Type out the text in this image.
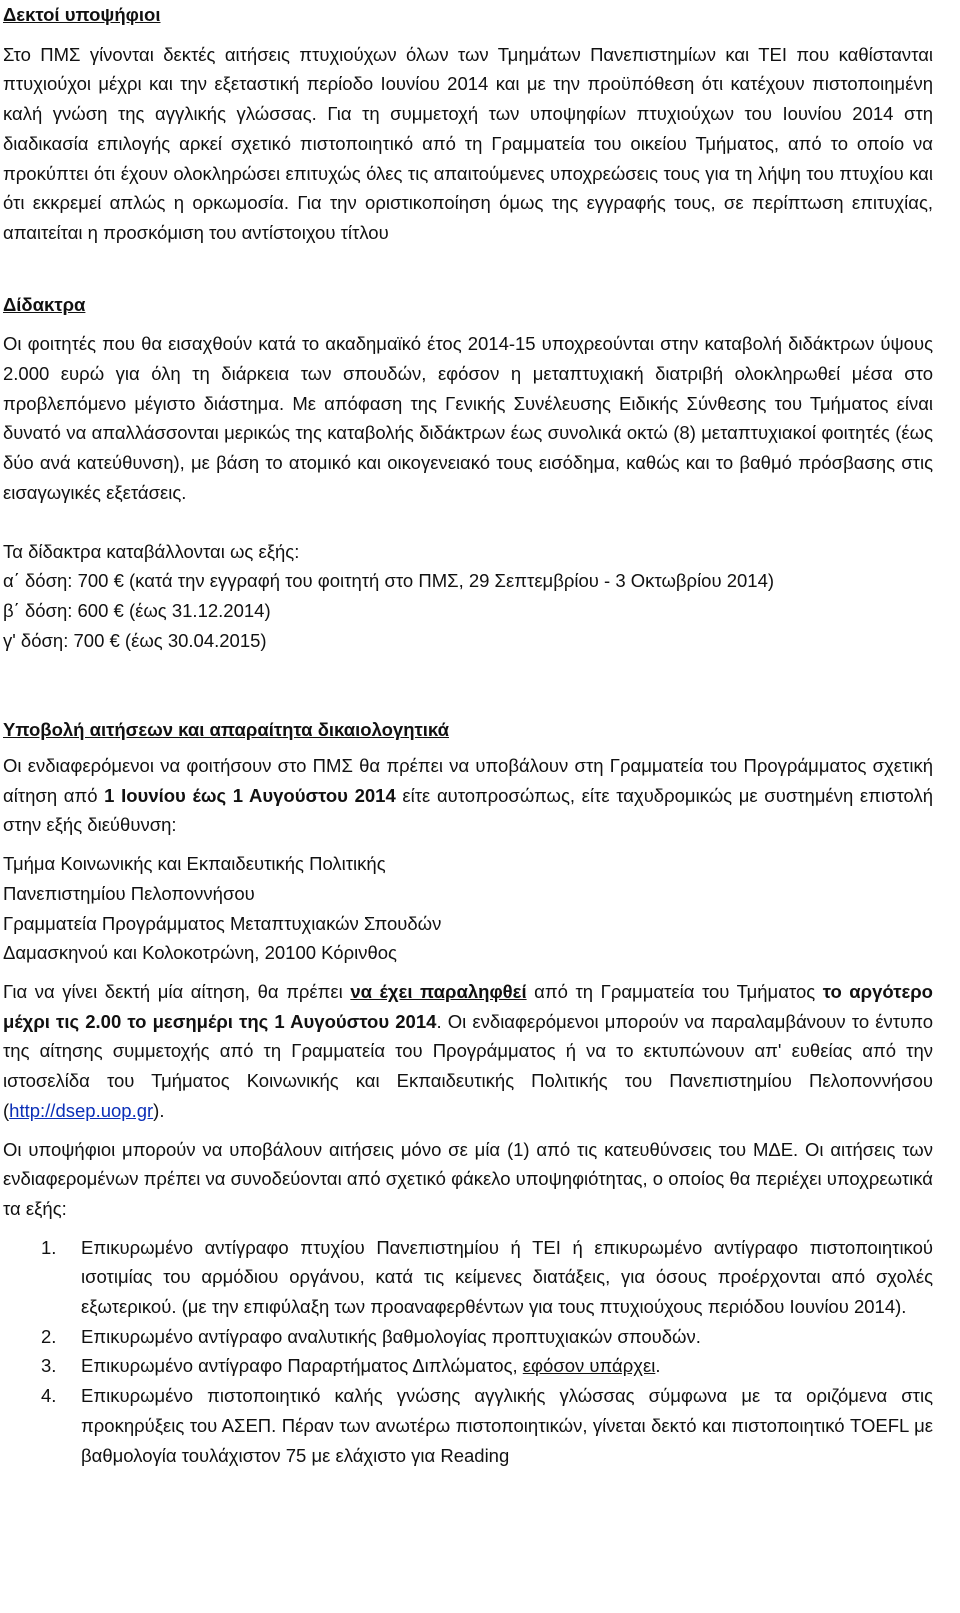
Δεκτοί υποψήφιοι

Στο ΠΜΣ γίνονται δεκτές αιτήσεις πτυχιούχων όλων των Τμημάτων Πανεπιστημίων και ΤΕΙ που καθίστανται πτυχιούχοι μέχρι και την εξεταστική περίοδο Ιουνίου 2014 και με την προϋπόθεση ότι κατέχουν πιστοποιημένη καλή γνώση της αγγλικής γλώσσας. Για τη συμμετοχή των υποψηφίων πτυχιούχων του Ιουνίου 2014 στη διαδικασία επιλογής αρκεί σχετικό πιστοποιητικό από τη Γραμματεία του οικείου Τμήματος, από το οποίο να προκύπτει ότι έχουν ολοκληρώσει επιτυχώς όλες τις απαιτούμενες υποχρεώσεις τους για τη λήψη του πτυχίου και ότι εκκρεμεί απλώς η ορκωμοσία. Για την οριστικοποίηση όμως της εγγραφής τους, σε περίπτωση επιτυχίας, απαιτείται η προσκόμιση του αντίστοιχου τίτλου

Δίδακτρα

Οι φοιτητές που θα εισαχθούν κατά το ακαδημαϊκό έτος 2014-15 υποχρεούνται στην καταβολή διδάκτρων ύψους 2.000 ευρώ για όλη τη διάρκεια των σπουδών, εφόσον η μεταπτυχιακή διατριβή ολοκληρωθεί μέσα στο προβλεπόμενο μέγιστο διάστημα. Με απόφαση της Γενικής Συνέλευσης Ειδικής Σύνθεσης του Τμήματος είναι δυνατό να απαλλάσσονται μερικώς της καταβολής διδάκτρων έως συνολικά οκτώ (8) μεταπτυχιακοί φοιτητές (έως δύο ανά κατεύθυνση), με βάση το ατομικό και οικογενειακό τους εισόδημα, καθώς και το βαθμό πρόσβασης στις εισαγωγικές εξετάσεις.

Τα δίδακτρα καταβάλλονται ως εξής:

α΄ δόση: 700 € (κατά την εγγραφή του φοιτητή στο ΠΜΣ, 29 Σεπτεμβρίου - 3 Οκτωβρίου 2014)
β΄ δόση: 600 € (έως 31.12.2014)
γ' δόση: 700 € (έως 30.04.2015)

Υποβολή αιτήσεων και απαραίτητα δικαιολογητικά

Οι ενδιαφερόμενοι να φοιτήσουν στο ΠΜΣ θα πρέπει να υποβάλουν στη Γραμματεία του Προγράμματος σχετική αίτηση από 1 Ιουνίου έως 1 Αυγούστου 2014 είτε αυτοπροσώπως, είτε ταχυδρομικώς με συστημένη επιστολή στην εξής διεύθυνση:

Τμήμα Κοινωνικής και Εκπαιδευτικής Πολιτικής
Πανεπιστημίου Πελοποννήσου
Γραμματεία Προγράμματος Μεταπτυχιακών Σπουδών
Δαμασκηνού και Κολοκοτρώνη, 20100 Κόρινθος

Για να γίνει δεκτή μία αίτηση, θα πρέπει να έχει παραληφθεί από τη Γραμματεία του Τμήματος το αργότερο μέχρι τις 2.00 το μεσημέρι της 1 Αυγούστου 2014. Οι ενδιαφερόμενοι μπορούν να παραλαμβάνουν το έντυπο της αίτησης συμμετοχής από τη Γραμματεία του Προγράμματος ή να το εκτυπώνουν απ' ευθείας από την ιστοσελίδα του Τμήματος Κοινωνικής και Εκπαιδευτικής Πολιτικής του Πανεπιστημίου Πελοποννήσου (http://dsep.uop.gr).

Οι υποψήφιοι μπορούν να υποβάλουν αιτήσεις μόνο σε μία (1) από τις κατευθύνσεις του ΜΔΕ. Οι αιτήσεις των ενδιαφερομένων πρέπει να συνοδεύονται από σχετικό φάκελο υποψηφιότητας, ο οποίος θα περιέχει υποχρεωτικά τα εξής:

1. Επικυρωμένο αντίγραφο πτυχίου Πανεπιστημίου ή ΤΕΙ ή επικυρωμένο αντίγραφο πιστοποιητικού ισοτιμίας του αρμόδιου οργάνου, κατά τις κείμενες διατάξεις, για όσους προέρχονται από σχολές εξωτερικού. (με την επιφύλαξη των προαναφερθέντων για τους πτυχιούχους περιόδου Ιουνίου 2014).
2. Επικυρωμένο αντίγραφο αναλυτικής βαθμολογίας προπτυχιακών σπουδών.
3. Επικυρωμένο αντίγραφο Παραρτήματος Διπλώματος, εφόσον υπάρχει.
4. Επικυρωμένο πιστοποιητικό καλής γνώσης αγγλικής γλώσσας σύμφωνα με τα οριζόμενα στις προκηρύξεις του ΑΣΕΠ. Πέραν των ανωτέρω πιστοποιητικών, γίνεται δεκτό και πιστοποιητικό TOEFL με βαθμολογία τουλάχιστον 75 με ελάχιστο για Reading
